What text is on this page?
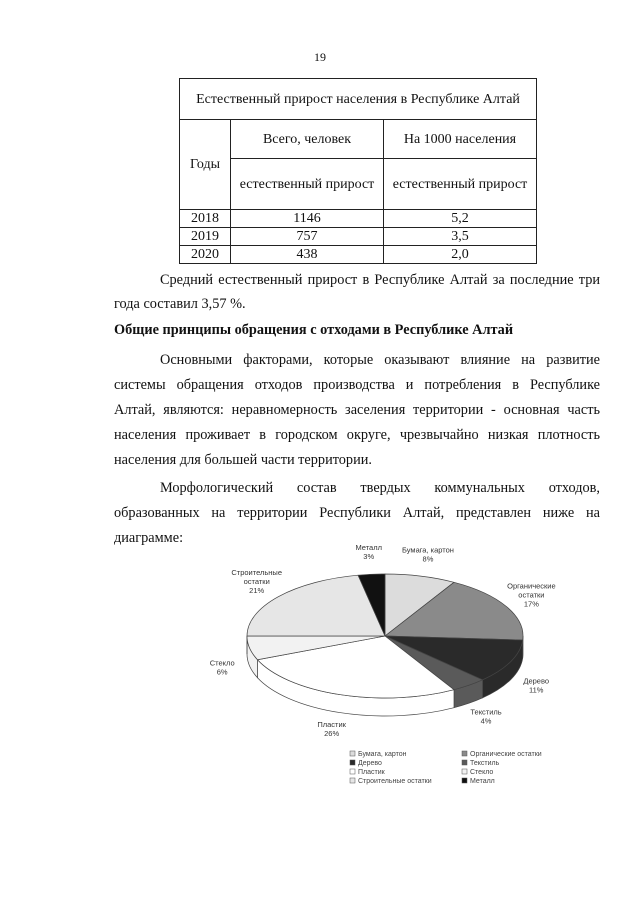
19
Естественный прирост населения в Республике Алтай		
Годы	Всего, человек	На 1000 населения
	естественный прирост	естественный прирост
2018	1146	5,2
2019	757	3,5
2020	438	2,0
Средний естественный прирост в Республике Алтай за последние три
года составил 3,57 %.
Общие принципы обращения с отходами в Республике Алтай
Основными факторами, которые оказывают влияние на развитие
системы обращения отходов производства и потребления в Республике
Алтай, являются: неравномерность заселения территории - основная часть
населения проживает в городском округе, чрезвычайно низкая плотность
населения для большей части территории.
Морфологический состав твердых коммунальных отходов,
образованных на территории Республики Алтай, представлен ниже на
диаграмме:
Бумага, картон 8%
Органические остатки 17%
Дерево 11%
Текстиль 4%
Пластик 26%
Стекло 6%
Строительные остатки 21%
Металл 3%
Бумага, картон	Органические остатки
Дерево	Текстиль
Пластик	Стекло
Строительные остатки	Металл
